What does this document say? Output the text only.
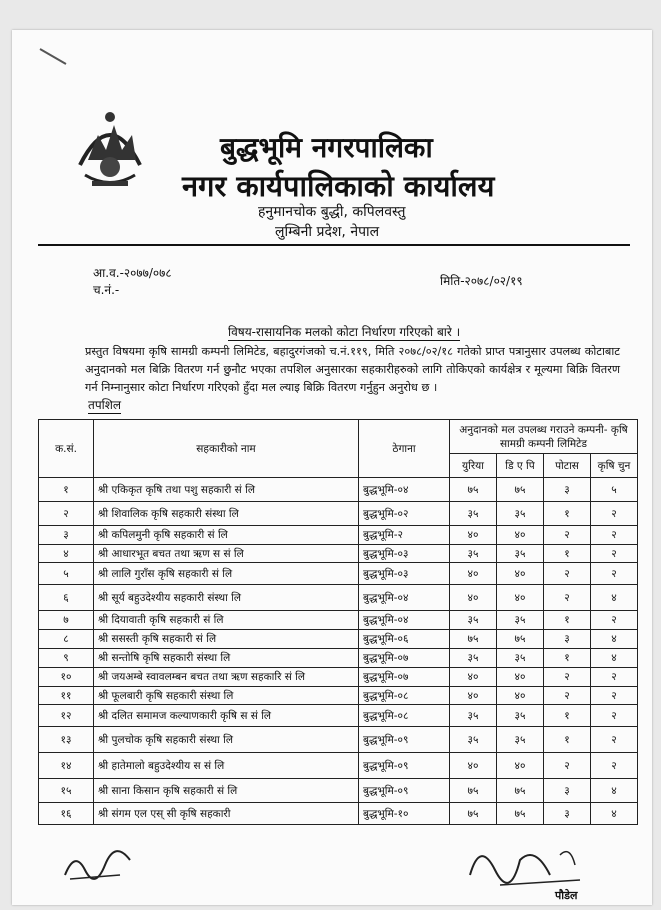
बुद्धभूमि नगरपालिका
नगर कार्यपालिकाको कार्यालय
हनुमानचोक बुद्धी, कपिलवस्तु
लुम्बिनी प्रदेश, नेपाल
आ.व.-२०७७/०७८
च.नं.-
मिति-२०७८/०२/१९
विषय-रासायनिक मलको कोटा निर्धारण गरिएको बारे ।
प्रस्तुत विषयमा कृषि सामग्री कम्पनी लिमिटेड, बहादुरगंजको च.नं.११९, मिति २०७८/०२/१८ गतेको प्राप्त पत्रानुसार उपलब्ध कोटाबाट अनुदानको मल बिक्रि वितरण गर्न छुनौट भएका तपशिल अनुसारका सहकारीहरुको लागि तोकिएको कार्यक्षेत्र र मूल्यमा बिक्रि वितरण गर्न निम्नानुसार कोटा निर्धारण गरिएको हुँदा मल ल्याइ बिक्रि वितरण गर्नुहुन अनुरोध छ ।
तपशिल
क.सं.	सहकारीको नाम	ठेगाना	अनुदानको मल उपलब्ध गराउने कम्पनी- कृषि सामग्री कम्पनी लिमिटेड			
			युरिया	डि ए पि	पोटास	कृषि चुन
१	श्री एकिकृत कृषि तथा पशु सहकारी सं लि	बुद्धभूमि-०४	७५	७५	३	५
२	श्री शिवालिक कृषि सहकारी संस्था लि	बुद्धभूमि-०२	३५	३५	१	२
३	श्री कपिलमुनी कृषि सहकारी सं लि	बुद्धभूमि-२	४०	४०	२	२
४	श्री आधारभूत बचत तथा ऋण स सं लि	बुद्धभूमि-०३	३५	३५	१	२
५	श्री लालि गुराँस कृषि सहकारी सं लि	बुद्धभूमि-०३	४०	४०	२	२
६	श्री सूर्य बहुउदेश्यीय सहकारी संस्था लि	बुद्धभूमि-०४	४०	४०	२	४
७	श्री दियावाती कृषि सहकारी सं लि	बुद्धभूमि-०४	३५	३५	१	२
८	श्री ससस्ती कृषि सहकारी सं लि	बुद्धभूमि-०६	७५	७५	३	४
९	श्री सन्तोषि कृषि सहकारी संस्था लि	बुद्धभूमि-०७	३५	३५	१	४
१०	श्री जयअम्बे स्वावलम्बन बचत तथा ऋण सहकारि सं लि	बुद्धभूमि-०७	४०	४०	२	२
११	श्री फूलबारी कृषि सहकारी संस्था लि	बुद्धभूमि-०८	४०	४०	२	२
१२	श्री दलित समामज कल्याणकारी कृषि स सं लि	बुद्धभूमि-०८	३५	३५	१	२
१३	श्री पुलचोक कृषि सहकारी संस्था लि	बुद्धभूमि-०९	३५	३५	१	२
१४	श्री हातेमालो बहुउदेश्यीय स सं लि	बुद्धभूमि-०९	४०	४०	२	२
१५	श्री साना किसान कृषि सहकारी सं लि	बुद्धभूमि-०९	७५	७५	३	४
१६	श्री संगम एल एस् सी कृषि सहकारी	बुद्धभूमि-१०	७५	७५	३	४
पौडेल
